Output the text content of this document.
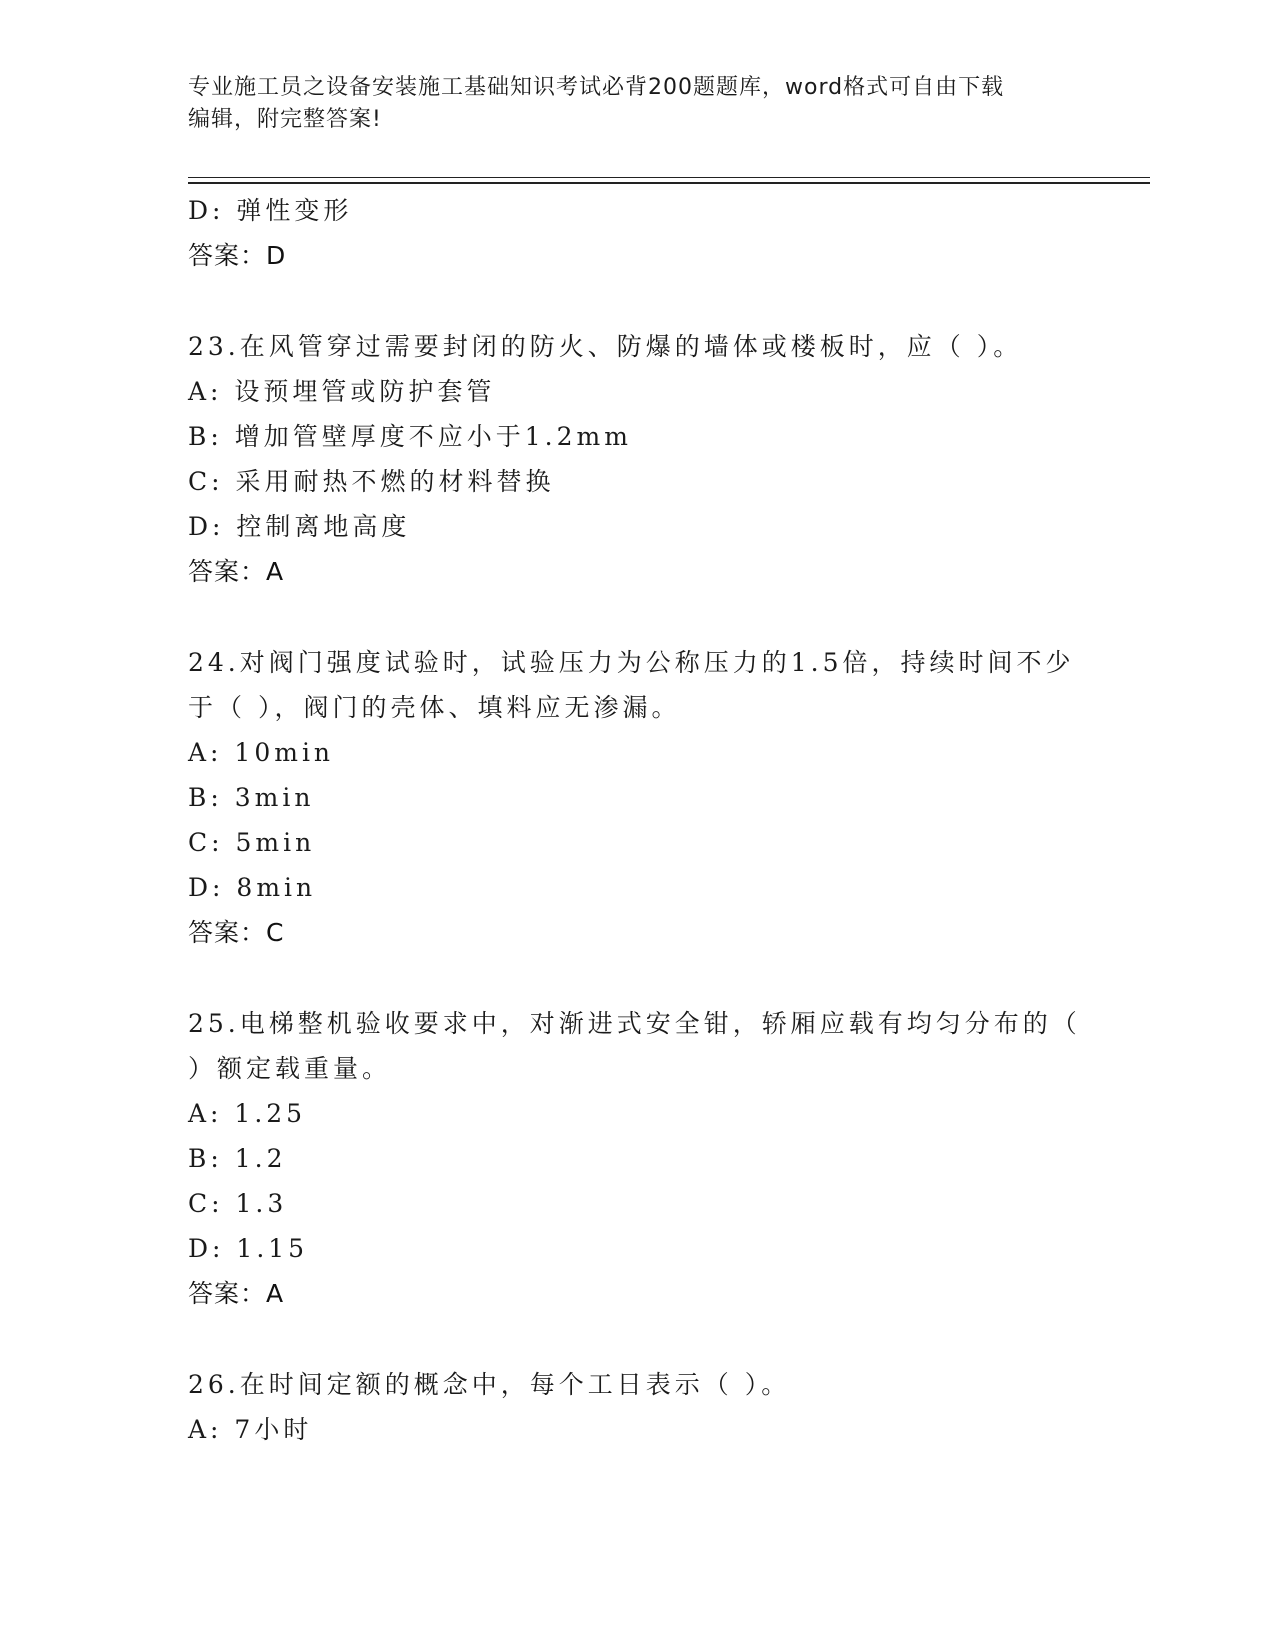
专业施工员之设备安装施工基础知识考试必背200题题库，word格式可自由下载
编辑，附完整答案!
D: 弹性变形
答案：D
23.在风管穿过需要封闭的防火、防爆的墙体或楼板时，应（ ）。
A: 设预埋管或防护套管
B: 增加管壁厚度不应小于1.2mm
C: 采用耐热不燃的材料替换
D: 控制离地高度
答案：A
24.对阀门强度试验时，试验压力为公称压力的1.5倍，持续时间不少
于（ ），阀门的壳体、填料应无渗漏。
A: 10min
B: 3min
C: 5min
D: 8min
答案：C
25.电梯整机验收要求中，对渐进式安全钳，轿厢应载有均匀分布的（
）额定载重量。
A: 1.25
B: 1.2
C: 1.3
D: 1.15
答案：A
26.在时间定额的概念中，每个工日表示（ ）。
A: 7小时
